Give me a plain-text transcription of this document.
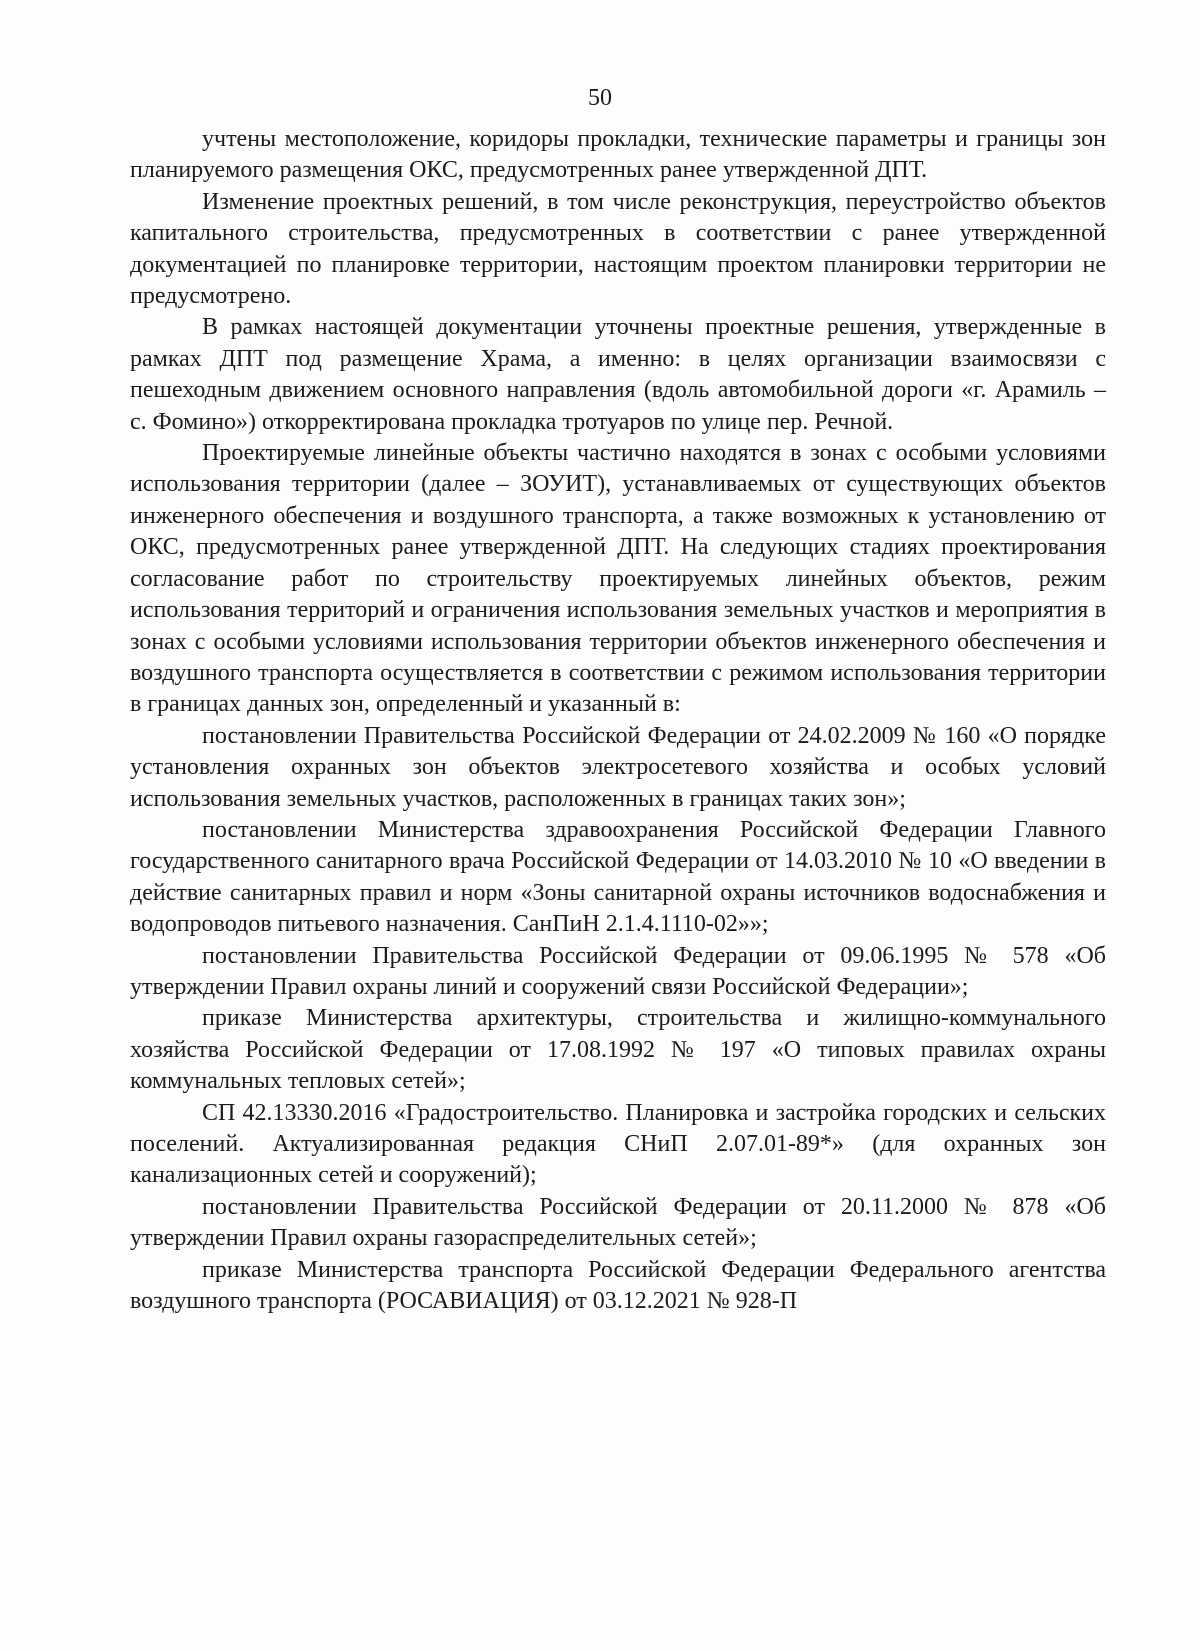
50

учтены местоположение, коридоры прокладки, технические параметры и границы зон планируемого размещения ОКС, предусмотренных ранее утвержденной ДПТ.

Изменение проектных решений, в том числе реконструкция, переустройство объектов капитального строительства, предусмотренных в соответствии с ранее утвержденной документацией по планировке территории, настоящим проектом планировки территории не предусмотрено.

В рамках настоящей документации уточнены проектные решения, утвержденные в рамках ДПТ под размещение Храма, а именно: в целях организации взаимосвязи с пешеходным движением основного направления (вдоль автомобильной дороги «г. Арамиль – с. Фомино») откорректирована прокладка тротуаров по улице пер. Речной.

Проектируемые линейные объекты частично находятся в зонах с особыми условиями использования территории (далее – ЗОУИТ), устанавливаемых от существующих объектов инженерного обеспечения и воздушного транспорта, а также возможных к установлению от ОКС, предусмотренных ранее утвержденной ДПТ. На следующих стадиях проектирования согласование работ по строительству проектируемых линейных объектов, режим использования территорий и ограничения использования земельных участков и мероприятия в зонах с особыми условиями использования территории объектов инженерного обеспечения и воздушного транспорта осуществляется в соответствии с режимом использования территории в границах данных зон, определенный и указанный в:

постановлении Правительства Российской Федерации от 24.02.2009 № 160 «О порядке установления охранных зон объектов электросетевого хозяйства и особых условий использования земельных участков, расположенных в границах таких зон»;

постановлении Министерства здравоохранения Российской Федерации Главного государственного санитарного врача Российской Федерации от 14.03.2010 № 10 «О введении в действие санитарных правил и норм «Зоны санитарной охраны источников водоснабжения и водопроводов питьевого назначения. СанПиН 2.1.4.1110-02»»;

постановлении Правительства Российской Федерации от 09.06.1995 № 578 «Об утверждении Правил охраны линий и сооружений связи Российской Федерации»;

приказе Министерства архитектуры, строительства и жилищно-коммунального хозяйства Российской Федерации от 17.08.1992 № 197 «О типовых правилах охраны коммунальных тепловых сетей»;

СП 42.13330.2016 «Градостроительство. Планировка и застройка городских и сельских поселений. Актуализированная редакция СНиП 2.07.01-89*» (для охранных зон канализационных сетей и сооружений);

постановлении Правительства Российской Федерации от 20.11.2000 № 878 «Об утверждении Правил охраны газораспределительных сетей»;

приказе Министерства транспорта Российской Федерации Федерального агентства воздушного транспорта (РОСАВИАЦИЯ) от 03.12.2021 № 928-П
